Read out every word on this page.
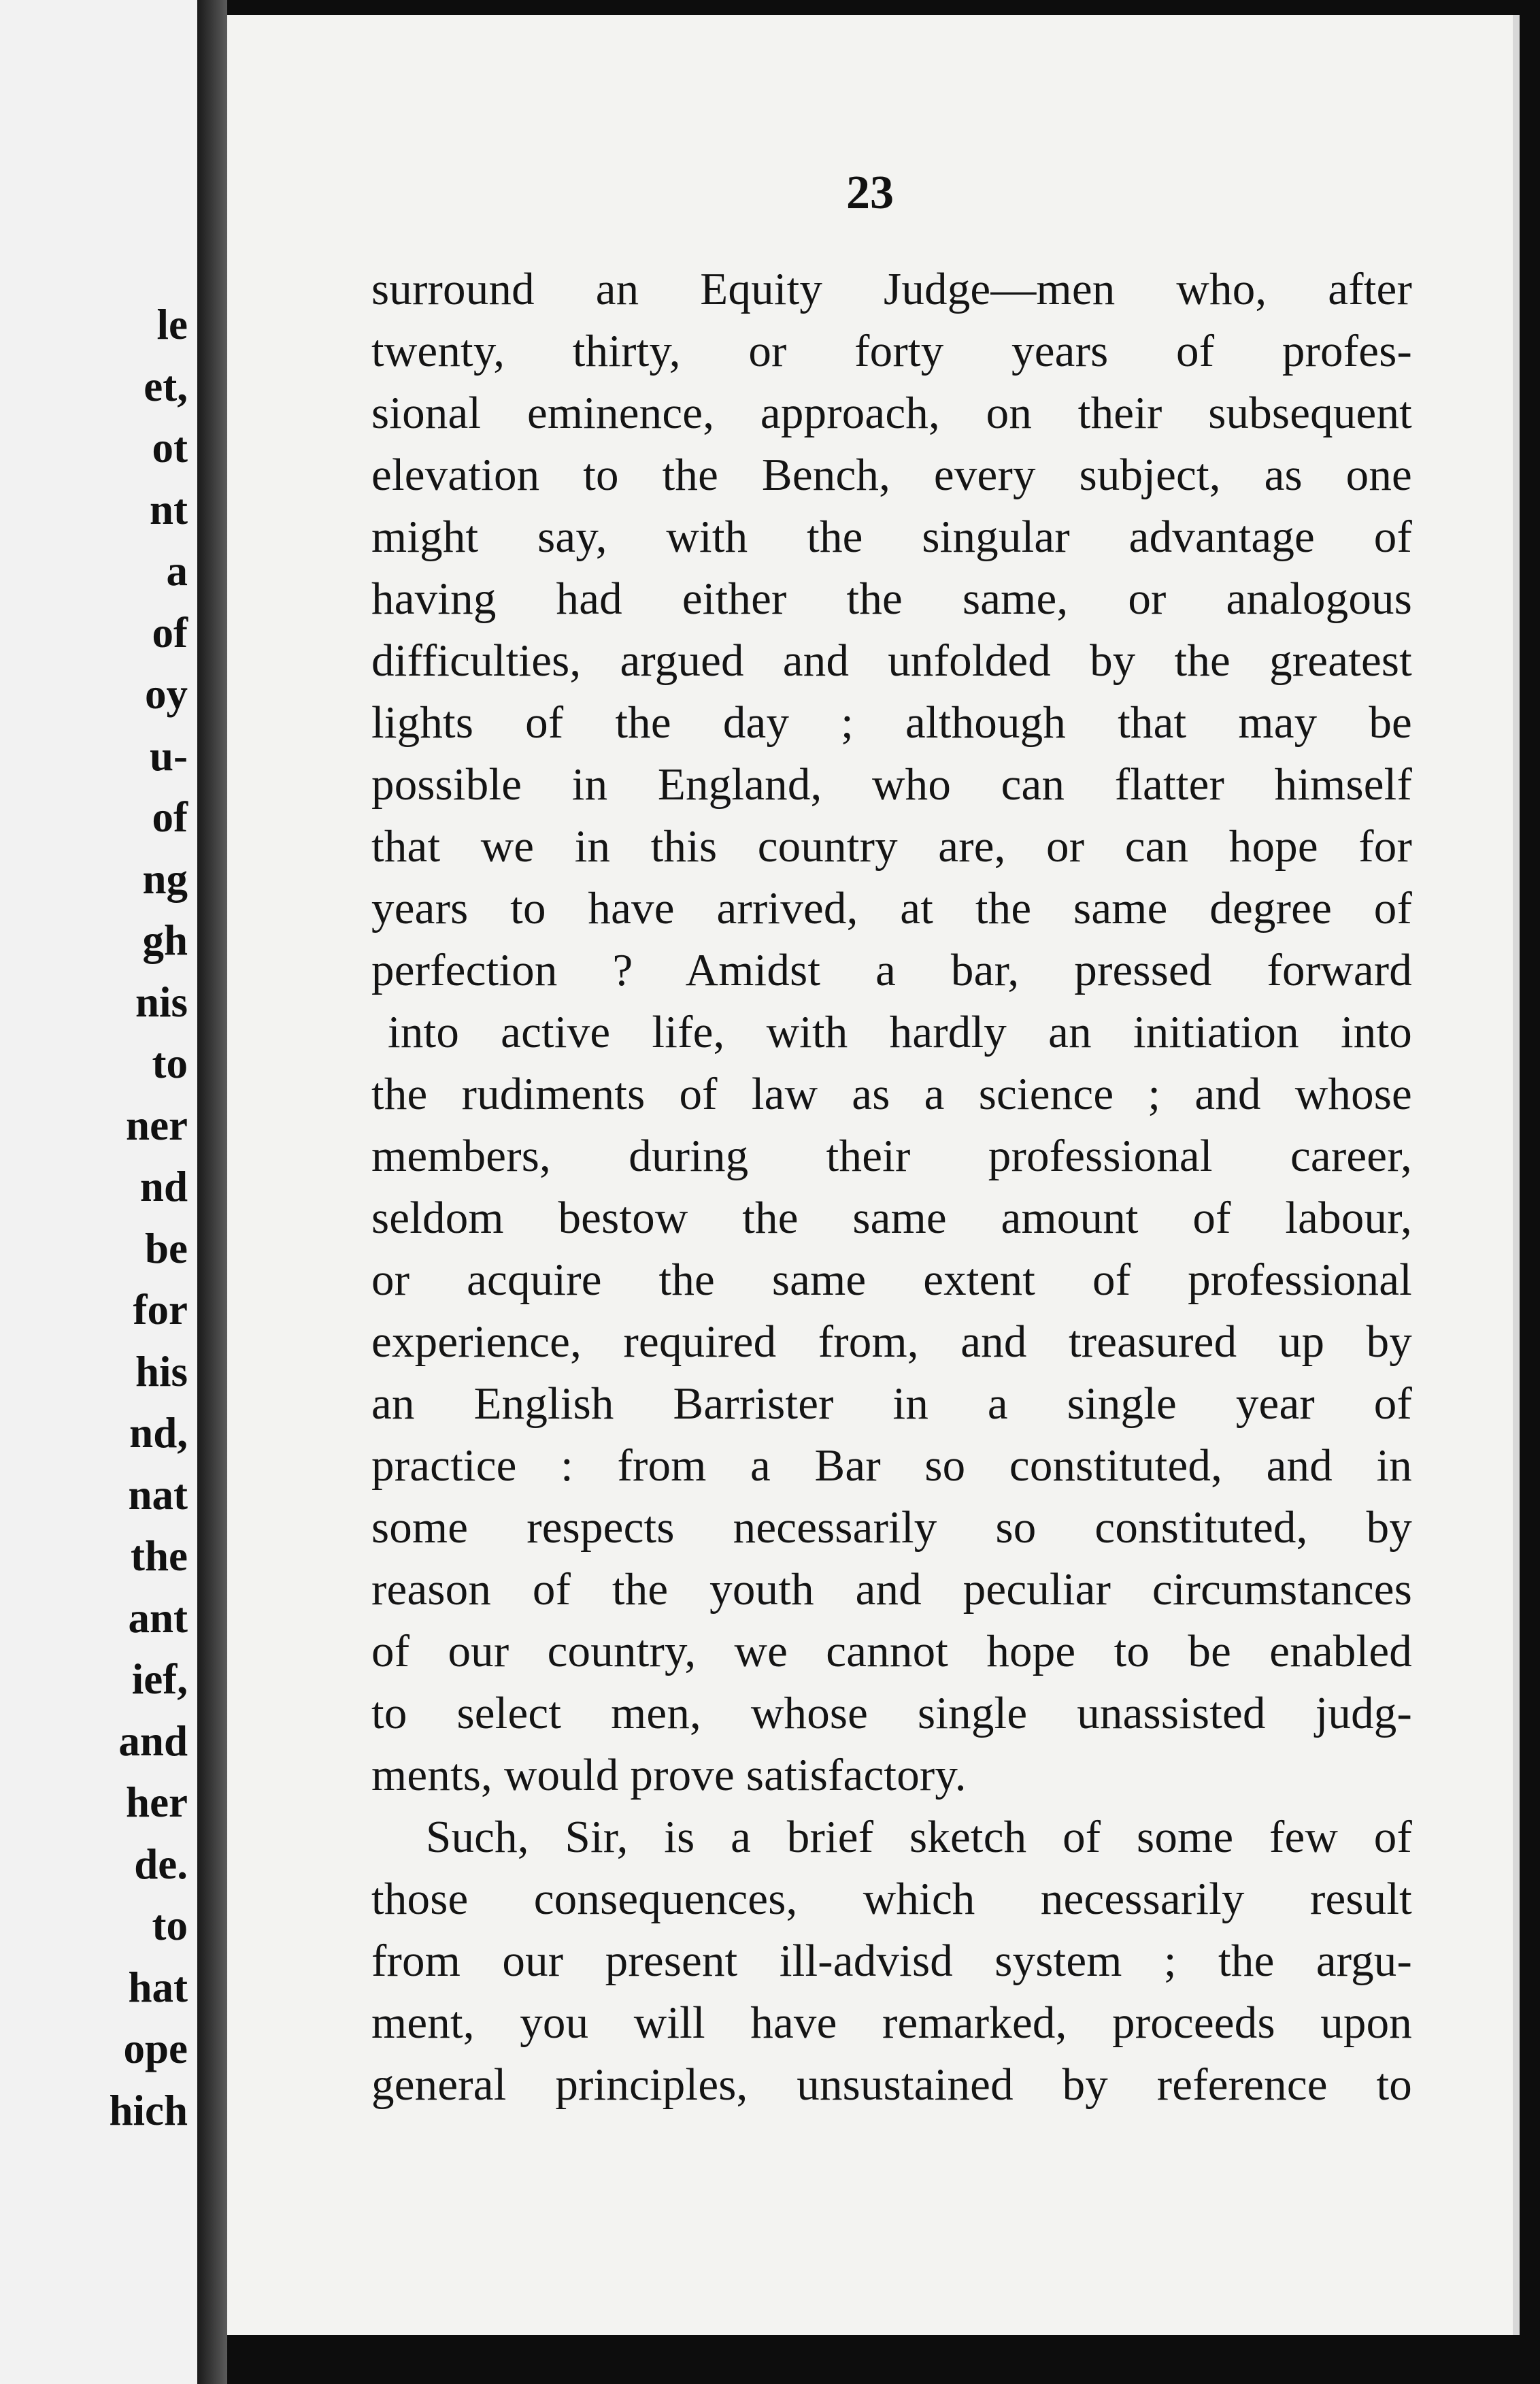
le
et,
ot
nt
a
of
oy
u-
of
ng
gh
nis
to
ner
nd
be
for
his
nd,
nat
the
ant
ief,
and
her
de.
to
hat
ope
hich
23
surround an Equity Judge—men who, after
twenty, thirty, or forty years of profes-
sional eminence, approach, on their subsequent
elevation to the Bench, every subject, as one
might say, with the singular advantage of
having had either the same, or analogous
difficulties, argued and unfolded by the greatest
lights of the day ; although that may be
possible in England, who can flatter himself
that we in this country are, or can hope for
years to have arrived, at the same degree of
perfection ? Amidst a bar, pressed forward
into active life, with hardly an initiation into
the rudiments of law as a science ; and whose
members, during their professional career,
seldom bestow the same amount of labour,
or acquire the same extent of professional
experience, required from, and treasured up by
an English Barrister in a single year of
practice : from a Bar so constituted, and in
some respects necessarily so constituted, by
reason of the youth and peculiar circumstances
of our country, we cannot hope to be enabled
to select men, whose single unassisted judg-
ments, would prove satisfactory.
Such, Sir, is a brief sketch of some few of
those consequences, which necessarily result
from our present ill-advisd system ; the argu-
ment, you will have remarked, proceeds upon
general principles, unsustained by reference to
